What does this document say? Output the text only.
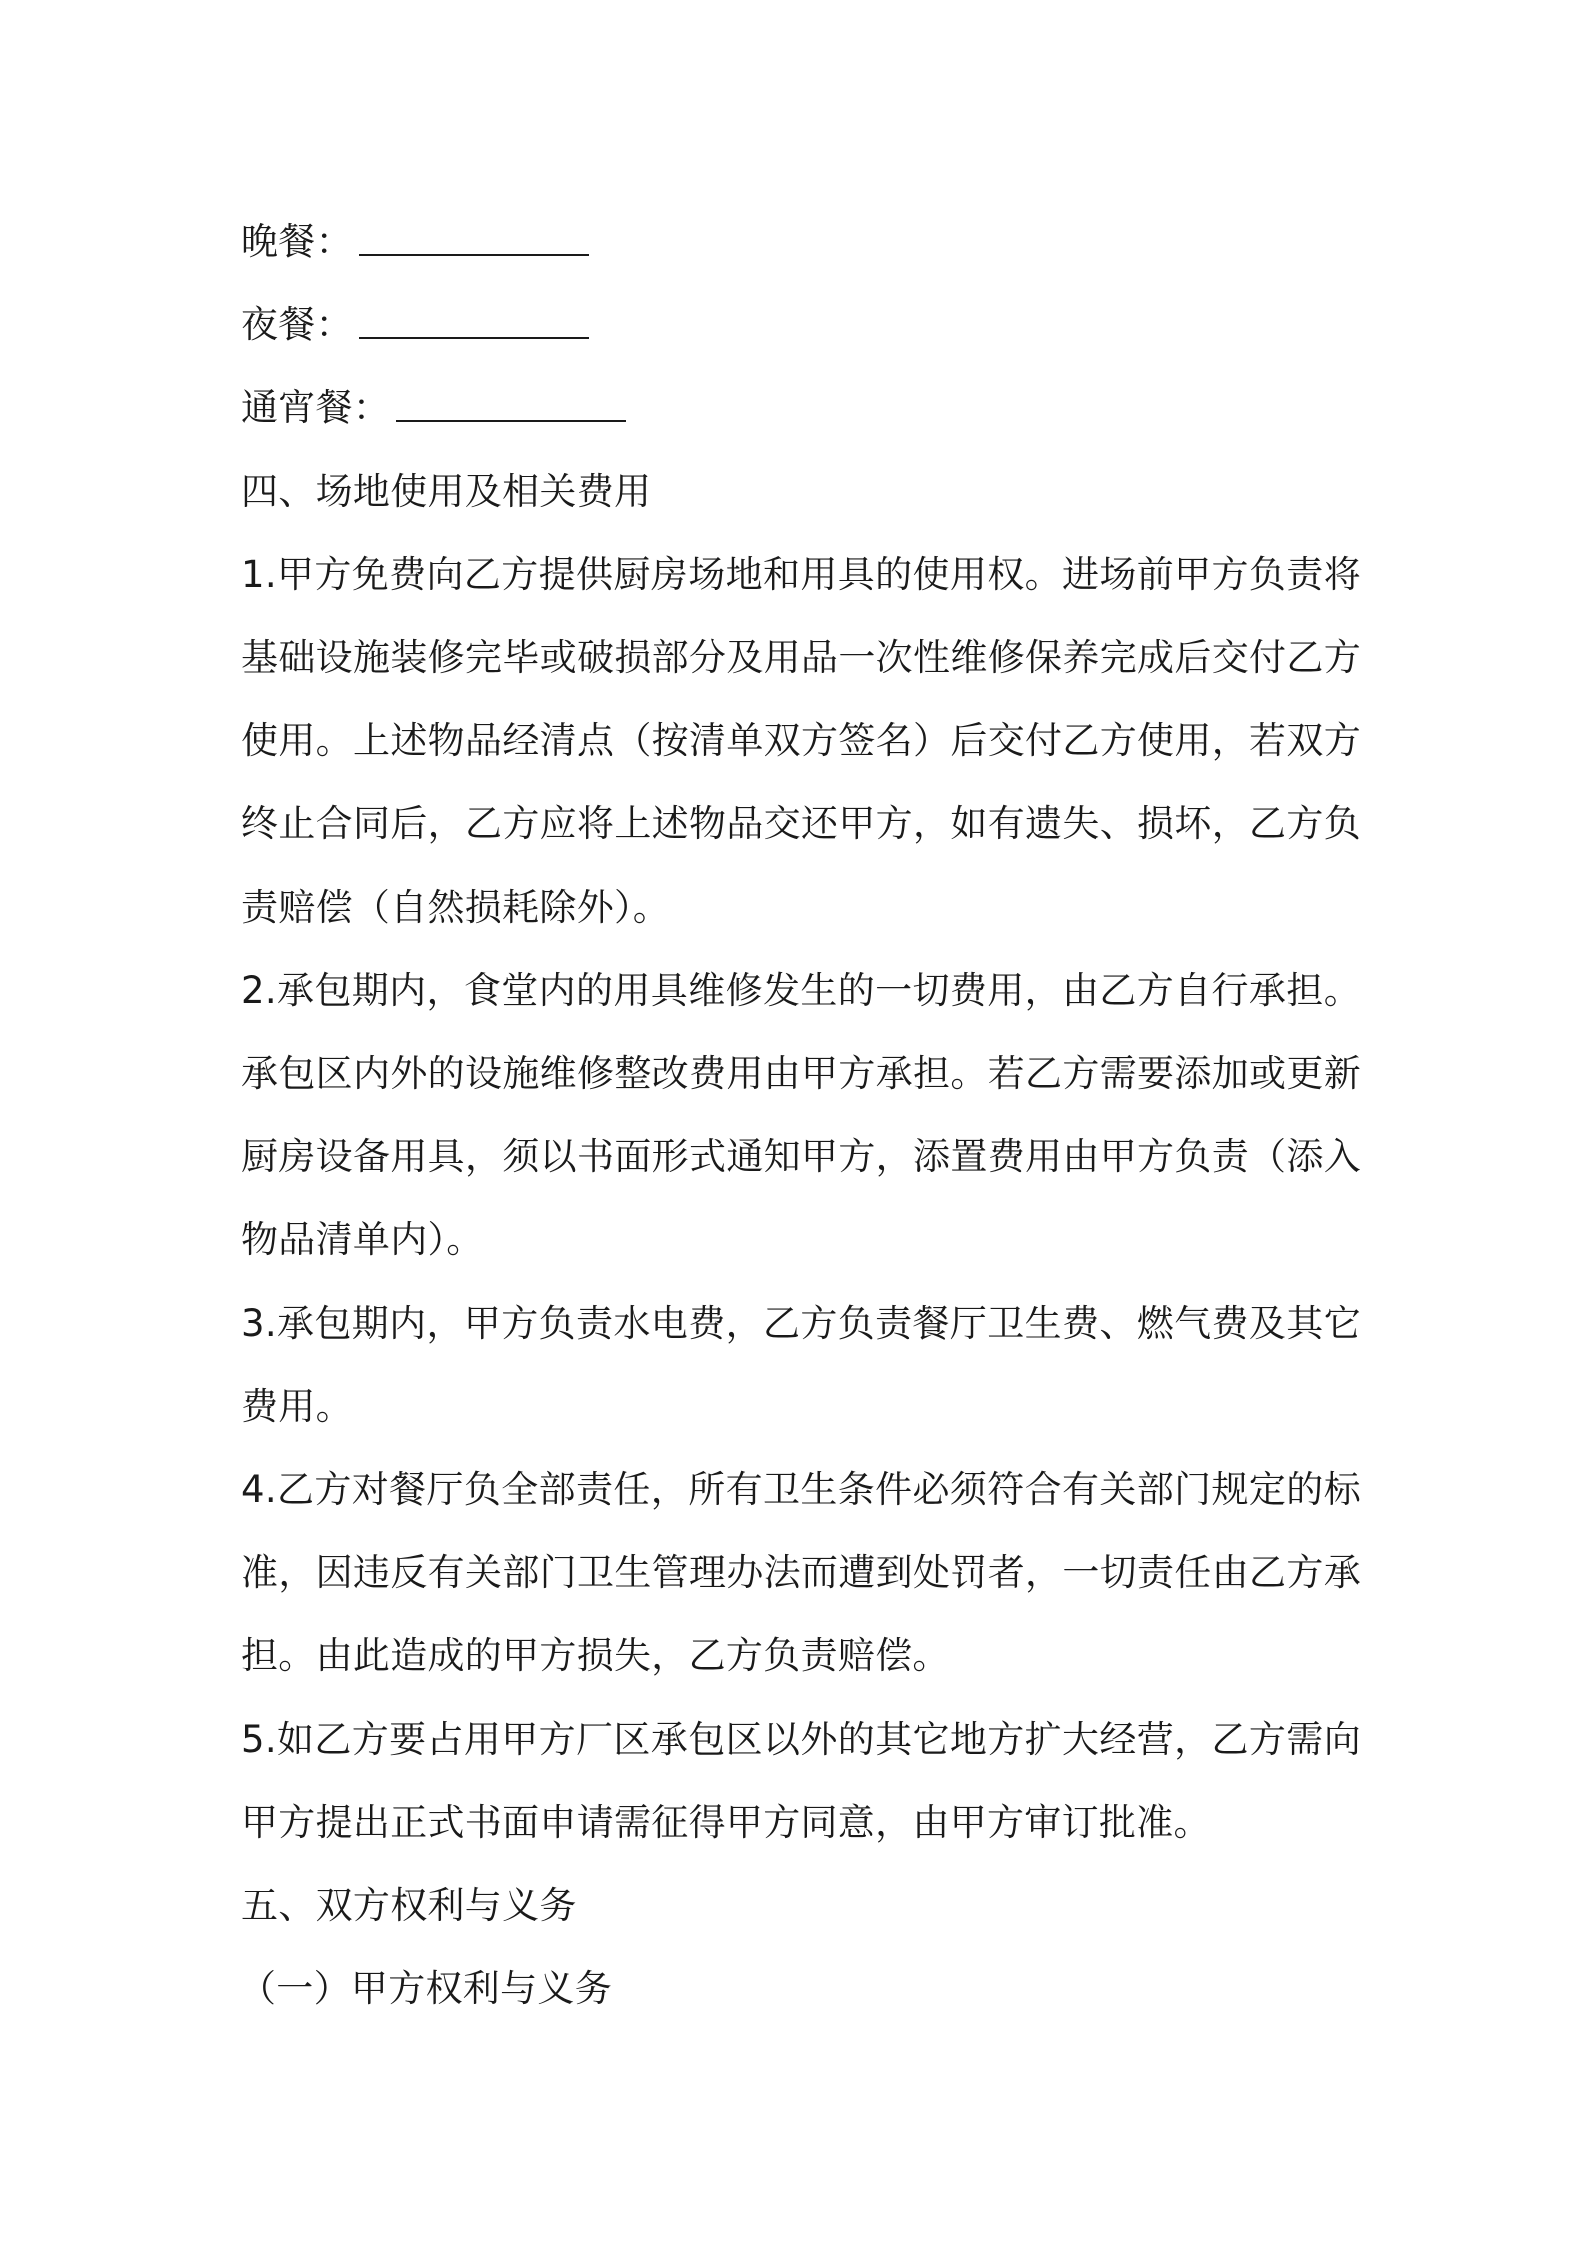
晚餐：
夜餐：
通宵餐：

四、场地使用及相关费用

1.甲方免费向乙方提供厨房场地和用具的使用权。进场前甲方负责将基础设施装修完毕或破损部分及用品一次性维修保养完成后交付乙方使用。上述物品经清点（按清单双方签名）后交付乙方使用，若双方终止合同后，乙方应将上述物品交还甲方，如有遗失、损坏，乙方负责赔偿（自然损耗除外）。

2.承包期内，食堂内的用具维修发生的一切费用，由乙方自行承担。承包区内外的设施维修整改费用由甲方承担。若乙方需要添加或更新厨房设备用具，须以书面形式通知甲方，添置费用由甲方负责（添入物品清单内）。

3.承包期内，甲方负责水电费，乙方负责餐厅卫生费、燃气费及其它费用。

4.乙方对餐厅负全部责任，所有卫生条件必须符合有关部门规定的标准，因违反有关部门卫生管理办法而遭到处罚者，一切责任由乙方承担。由此造成的甲方损失，乙方负责赔偿。

5.如乙方要占用甲方厂区承包区以外的其它地方扩大经营，乙方需向甲方提出正式书面申请需征得甲方同意，由甲方审订批准。

五、双方权利与义务

（一）甲方权利与义务
